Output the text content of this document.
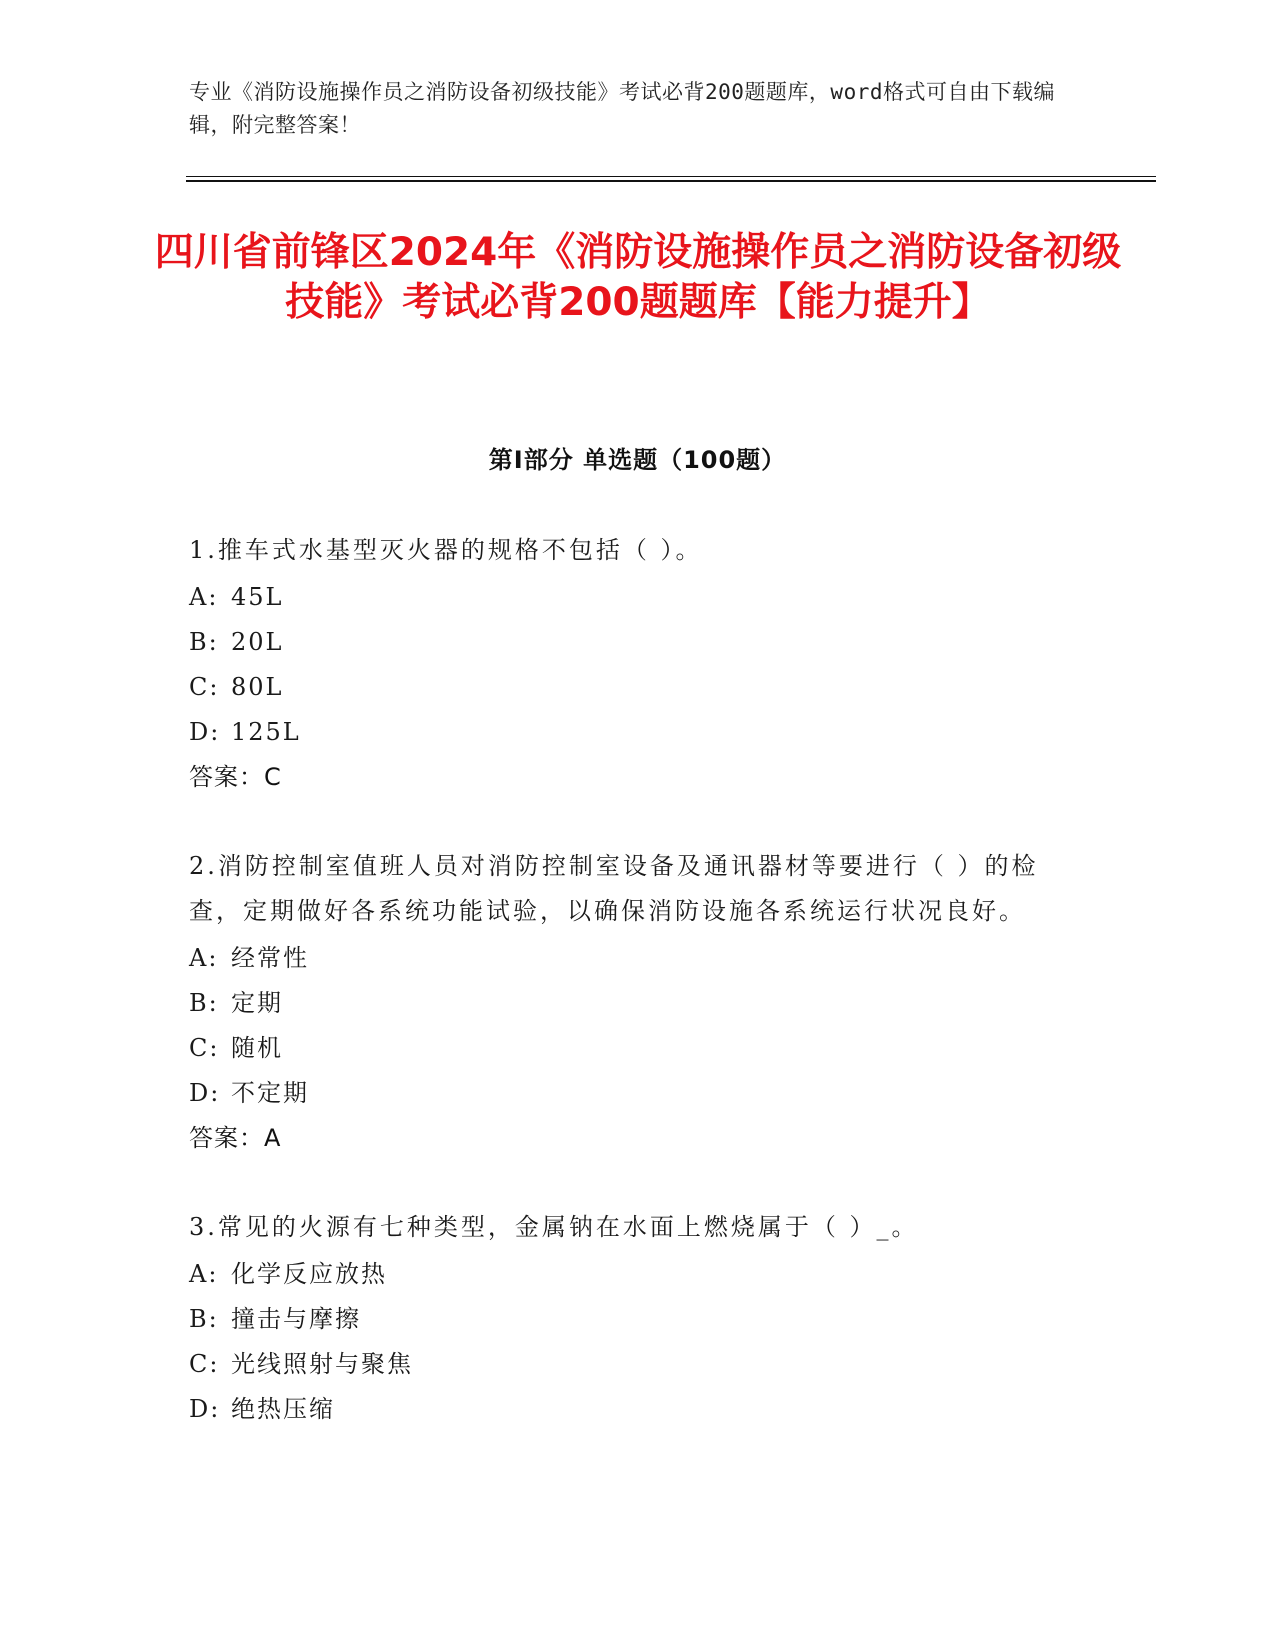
专业《消防设施操作员之消防设备初级技能》考试必背200题题库，word格式可自由下载编辑，附完整答案！
四川省前锋区2024年《消防设施操作员之消防设备初级技能》考试必背200题题库【能力提升】
第I部分 单选题（100题）
1.推车式水基型灭火器的规格不包括（ ）。
A: 45L
B: 20L
C: 80L
D: 125L
答案：C
2.消防控制室值班人员对消防控制室设备及通讯器材等要进行（ ）的检查，定期做好各系统功能试验，以确保消防设施各系统运行状况良好。
A: 经常性
B: 定期
C: 随机
D: 不定期
答案：A
3.常见的火源有七种类型，金属钠在水面上燃烧属于（ ）_。
A: 化学反应放热
B: 撞击与摩擦
C: 光线照射与聚焦
D: 绝热压缩
